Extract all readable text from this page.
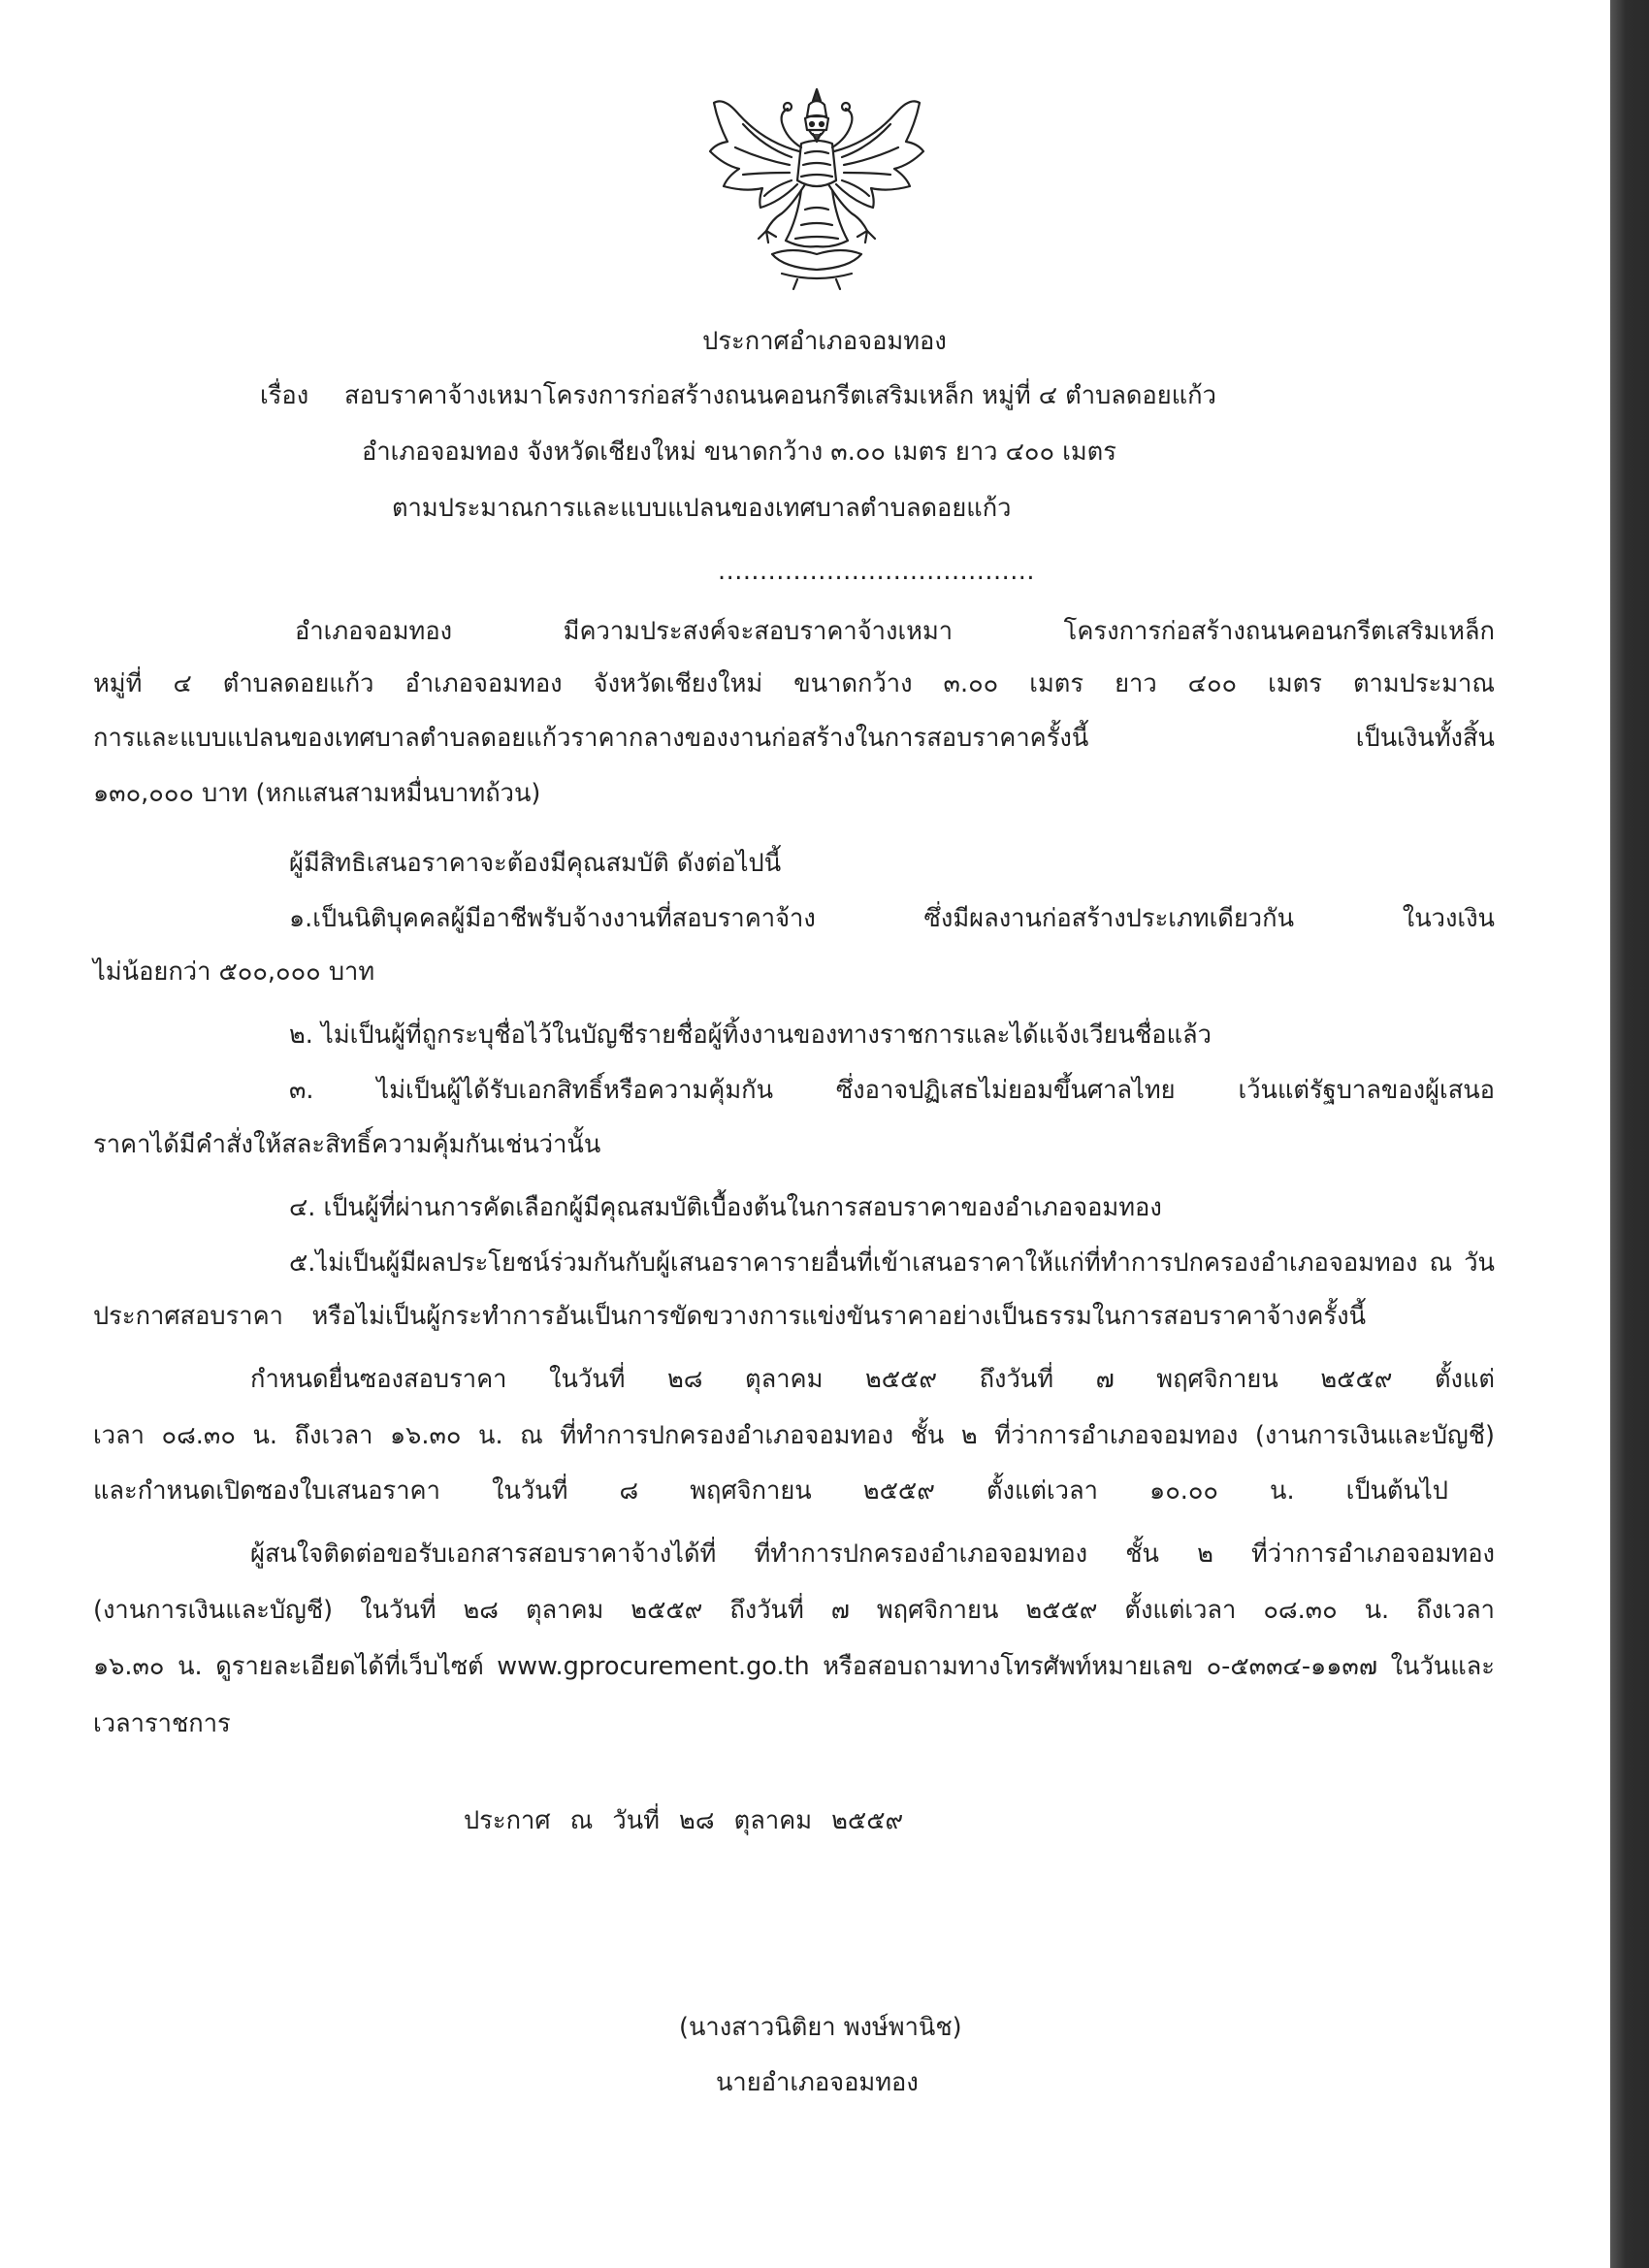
ประกาศอำเภอจอมทอง
เรื่อง สอบราคาจ้างเหมาโครงการก่อสร้างถนนคอนกรีตเสริมเหล็ก หมู่ที่ ๔ ตำบลดอยแก้ว
อำเภอจอมทอง จังหวัดเชียงใหม่ ขนาดกว้าง ๓.๐๐ เมตร ยาว ๔๐๐ เมตร
ตามประมาณการและแบบแปลนของเทศบาลตำบลดอยแก้ว
......................................
อำเภอจอมทอง มีความประสงค์จะสอบราคาจ้างเหมา โครงการก่อสร้างถนนคอนกรีตเสริมเหล็ก
หมู่ที่ ๔ ตำบลดอยแก้ว อำเภอจอมทอง จังหวัดเชียงใหม่ ขนาดกว้าง ๓.๐๐ เมตร ยาว ๔๐๐ เมตร ตามประมาณ
การและแบบแปลนของเทศบาลตำบลดอยแก้วราคากลางของงานก่อสร้างในการสอบราคาครั้งนี้ เป็นเงินทั้งสิ้น
๑๓๐,๐๐๐ บาท (หกแสนสามหมื่นบาทถ้วน)
ผู้มีสิทธิเสนอราคาจะต้องมีคุณสมบัติ ดังต่อไปนี้
๑.เป็นนิติบุคคลผู้มีอาชีพรับจ้างงานที่สอบราคาจ้าง ซึ่งมีผลงานก่อสร้างประเภทเดียวกัน ในวงเงิน
ไม่น้อยกว่า ๕๐๐,๐๐๐ บาท
๒. ไม่เป็นผู้ที่ถูกระบุชื่อไว้ในบัญชีรายชื่อผู้ทิ้งงานของทางราชการและได้แจ้งเวียนชื่อแล้ว
๓. ไม่เป็นผู้ได้รับเอกสิทธิ์หรือความคุ้มกัน ซึ่งอาจปฏิเสธไม่ยอมขึ้นศาลไทย เว้นแต่รัฐบาลของผู้เสนอ
ราคาได้มีคำสั่งให้สละสิทธิ์ความคุ้มกันเช่นว่านั้น
๔. เป็นผู้ที่ผ่านการคัดเลือกผู้มีคุณสมบัติเบื้องต้นในการสอบราคาของอำเภอจอมทอง
๕.ไม่เป็นผู้มีผลประโยชน์ร่วมกันกับผู้เสนอราคารายอื่นที่เข้าเสนอราคาให้แก่ที่ทำการปกครองอำเภอจอมทอง ณ วัน
ประกาศสอบราคา หรือไม่เป็นผู้กระทำการอันเป็นการขัดขวางการแข่งขันราคาอย่างเป็นธรรมในการสอบราคาจ้างครั้งนี้
กำหนดยื่นซองสอบราคา ในวันที่ ๒๘ ตุลาคม ๒๕๕๙ ถึงวันที่ ๗ พฤศจิกายน ๒๕๕๙ ตั้งแต่
เวลา ๐๘.๓๐ น. ถึงเวลา ๑๖.๓๐ น. ณ ที่ทำการปกครองอำเภอจอมทอง ชั้น ๒ ที่ว่าการอำเภอจอมทอง (งานการเงินและบัญชี)
และกำหนดเปิดซองใบเสนอราคา ในวันที่ ๘ พฤศจิกายน ๒๕๕๙ ตั้งแต่เวลา ๑๐.๐๐ น. เป็นต้นไป
ผู้สนใจติดต่อขอรับเอกสารสอบราคาจ้างได้ที่ ที่ทำการปกครองอำเภอจอมทอง ชั้น ๒ ที่ว่าการอำเภอจอมทอง
(งานการเงินและบัญชี) ในวันที่ ๒๘ ตุลาคม ๒๕๕๙ ถึงวันที่ ๗ พฤศจิกายน ๒๕๕๙ ตั้งแต่เวลา ๐๘.๓๐ น. ถึงเวลา
๑๖.๓๐ น. ดูรายละเอียดได้ที่เว็บไซต์ www.gprocurement.go.th หรือสอบถามทางโทรศัพท์หมายเลข ๐-๕๓๓๔-๑๑๓๗ ในวันและ
เวลาราชการ
ประกาศ ณ วันที่ ๒๘ ตุลาคม ๒๕๕๙
(นางสาวนิติยา พงษ์พานิช)
นายอำเภอจอมทอง
